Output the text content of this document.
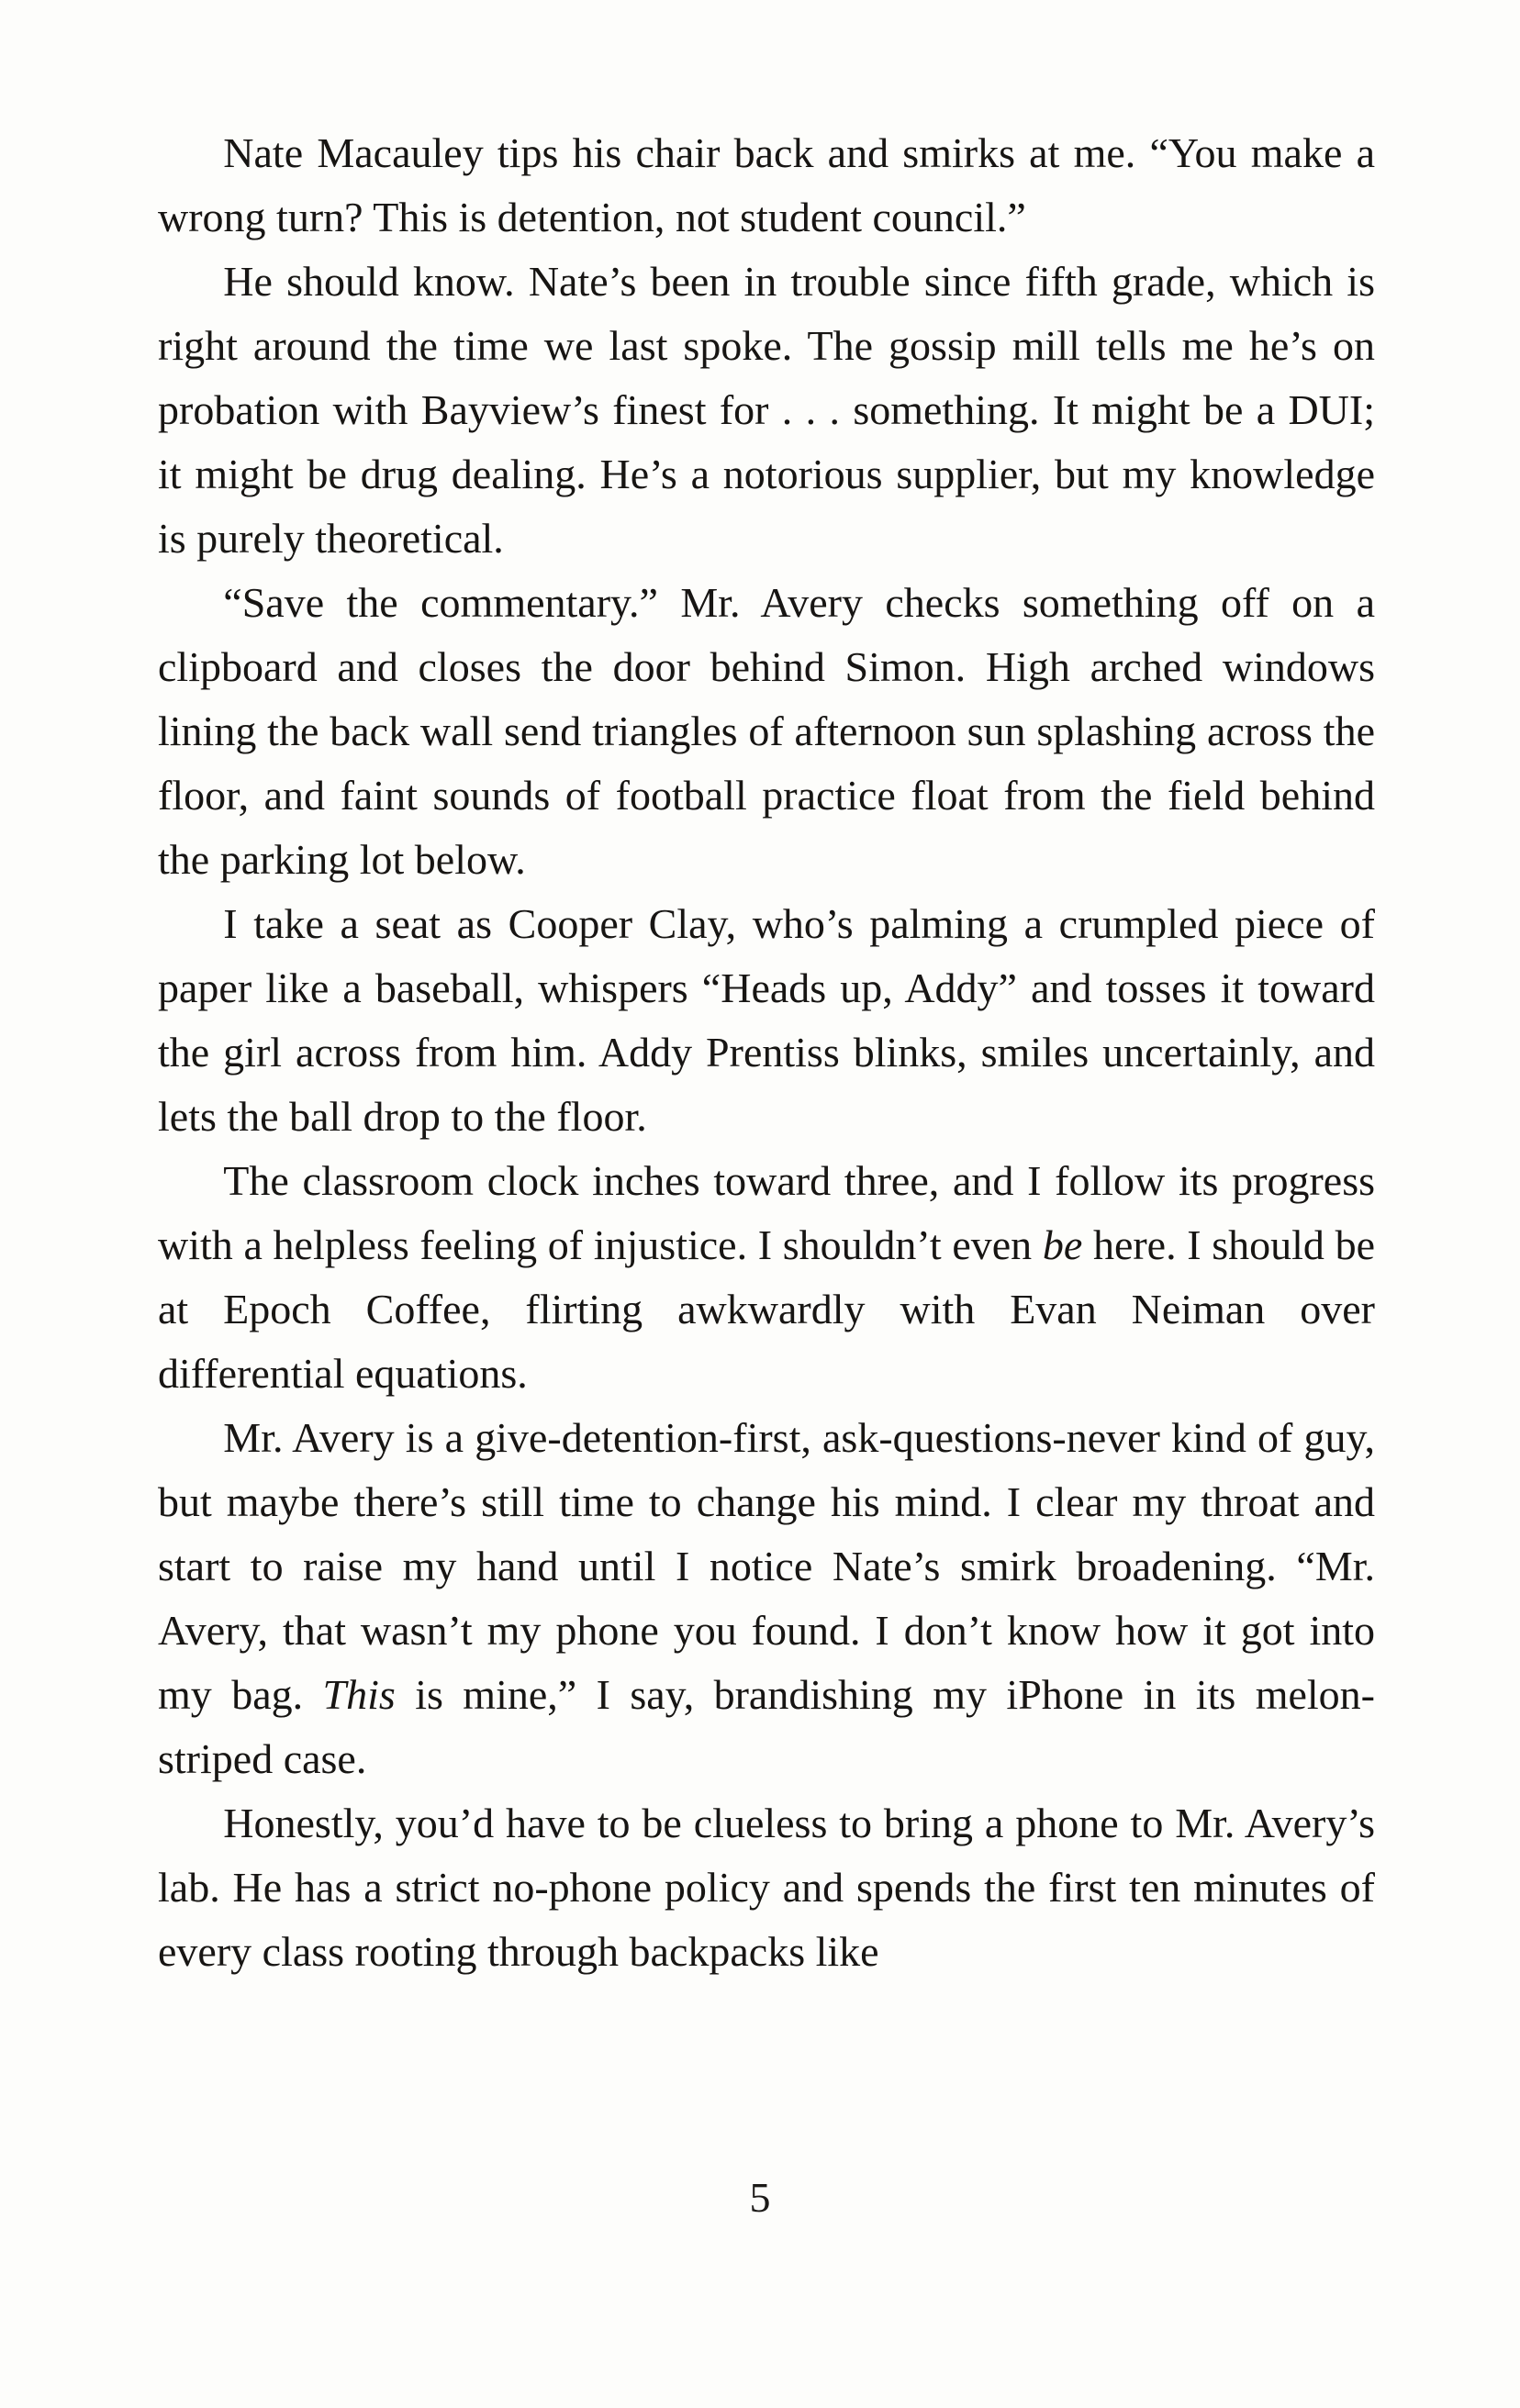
Nate Macauley tips his chair back and smirks at me. “You make a wrong turn? This is detention, not student council.”

He should know. Nate’s been in trouble since fifth grade, which is right around the time we last spoke. The gossip mill tells me he’s on probation with Bayview’s finest for . . . something. It might be a DUI; it might be drug dealing. He’s a notorious supplier, but my knowledge is purely theoretical.

“Save the commentary.” Mr. Avery checks something off on a clipboard and closes the door behind Simon. High arched windows lining the back wall send triangles of afternoon sun splashing across the floor, and faint sounds of football practice float from the field behind the parking lot below.

I take a seat as Cooper Clay, who’s palming a crumpled piece of paper like a baseball, whispers “Heads up, Addy” and tosses it toward the girl across from him. Addy Prentiss blinks, smiles uncertainly, and lets the ball drop to the floor.

The classroom clock inches toward three, and I follow its progress with a helpless feeling of injustice. I shouldn’t even be here. I should be at Epoch Coffee, flirting awkwardly with Evan Neiman over differential equations.

Mr. Avery is a give-detention-first, ask-questions-never kind of guy, but maybe there’s still time to change his mind. I clear my throat and start to raise my hand until I notice Nate’s smirk broadening. “Mr. Avery, that wasn’t my phone you found. I don’t know how it got into my bag. This is mine,” I say, brandishing my iPhone in its melon-striped case.

Honestly, you’d have to be clueless to bring a phone to Mr. Avery’s lab. He has a strict no-phone policy and spends the first ten minutes of every class rooting through backpacks like

5
